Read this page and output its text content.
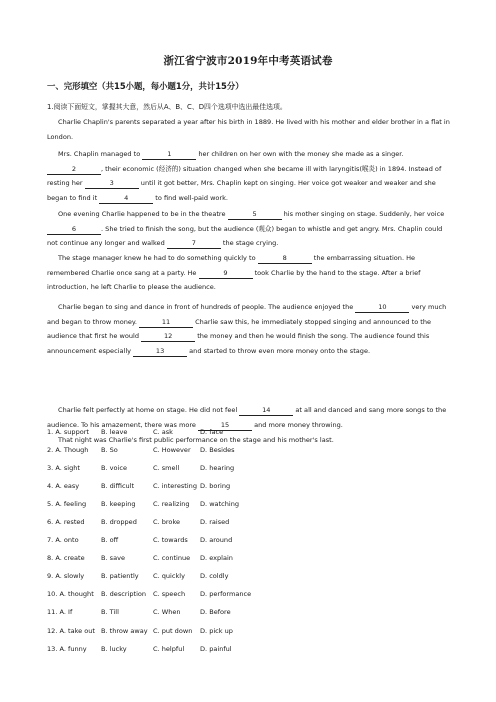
浙江省宁波市2019年中考英语试卷
一、完形填空（共15小题，每小题1分，共计15分）
1.阅读下面短文，掌握其大意，然后从A、B、C、D四个选项中选出最佳选项。
1. A. support B. leave	C. ask	D. face
2. A. Though B. So	C. However D. Besides
3. A. sight	B. voice	C. smell	D. hearing
4. A. easy	B. difficult	C. interesting D. boring
5. A. feeling B. keeping	C. realizing D. watching
6. A. rested	B. dropped C. broke	D. raised
7. A. onto	B. off	C. towards D. around
8. A. create B. save	C. continue D. explain
9. A. slowly	B. patiently C. quickly D. coldly
10. A. thought B. description C. speech D. performance
11. A. If	B. Till	C. When	D. Before
12. A. take out B. throw away C. put down D. pick up
13. A. funny B. lucky	C. helpful D. painful
Charlie Chaplin's parents separated a year after his birth in 1889. He lived with his mother and elder brother in a flat in London.
Mrs. Chaplin managed to	1	her children on her own with the money she made as a singer. 2	, their economic (经济的) situation changed when she became ill with laryngitis(喉炎) in 1894. Instead of resting her	3	until it got better, Mrs. Chaplin kept on singing. Her voice got weaker and weaker and she began to find it	4	to find well-paid work.
One evening Charlie happened to be in the theatre	5	his mother singing on stage. Suddenly, her voice 6	. She tried to finish the song, but the audience (观众) began to whistle and get angry. Mrs. Chaplin could not continue any longer and walked	7	the stage crying.
The stage manager knew he had to do something quickly to	8	the embarrassing situation. He remembered Charlie once sang at a party. He	9	took Charlie by the hand to the stage. After a brief introduction, he left Charlie to please the audience.
Charlie began to sing and dance in front of hundreds of people. The audience enjoyed the	10	very much and began to throw money.	11	Charlie saw this, he immediately stopped singing and announced to the audience that first he would	12	the money and then he would finish the song. The audience found this announcement especially	13	and started to throw even more money onto the stage.
Charlie felt perfectly at home on stage. He did not feel	14	at all and danced and sang more songs to the audience. To his amazement, there was more	15	and more money throwing.
That night was Charlie's first public performance on the stage and his mother's last.
